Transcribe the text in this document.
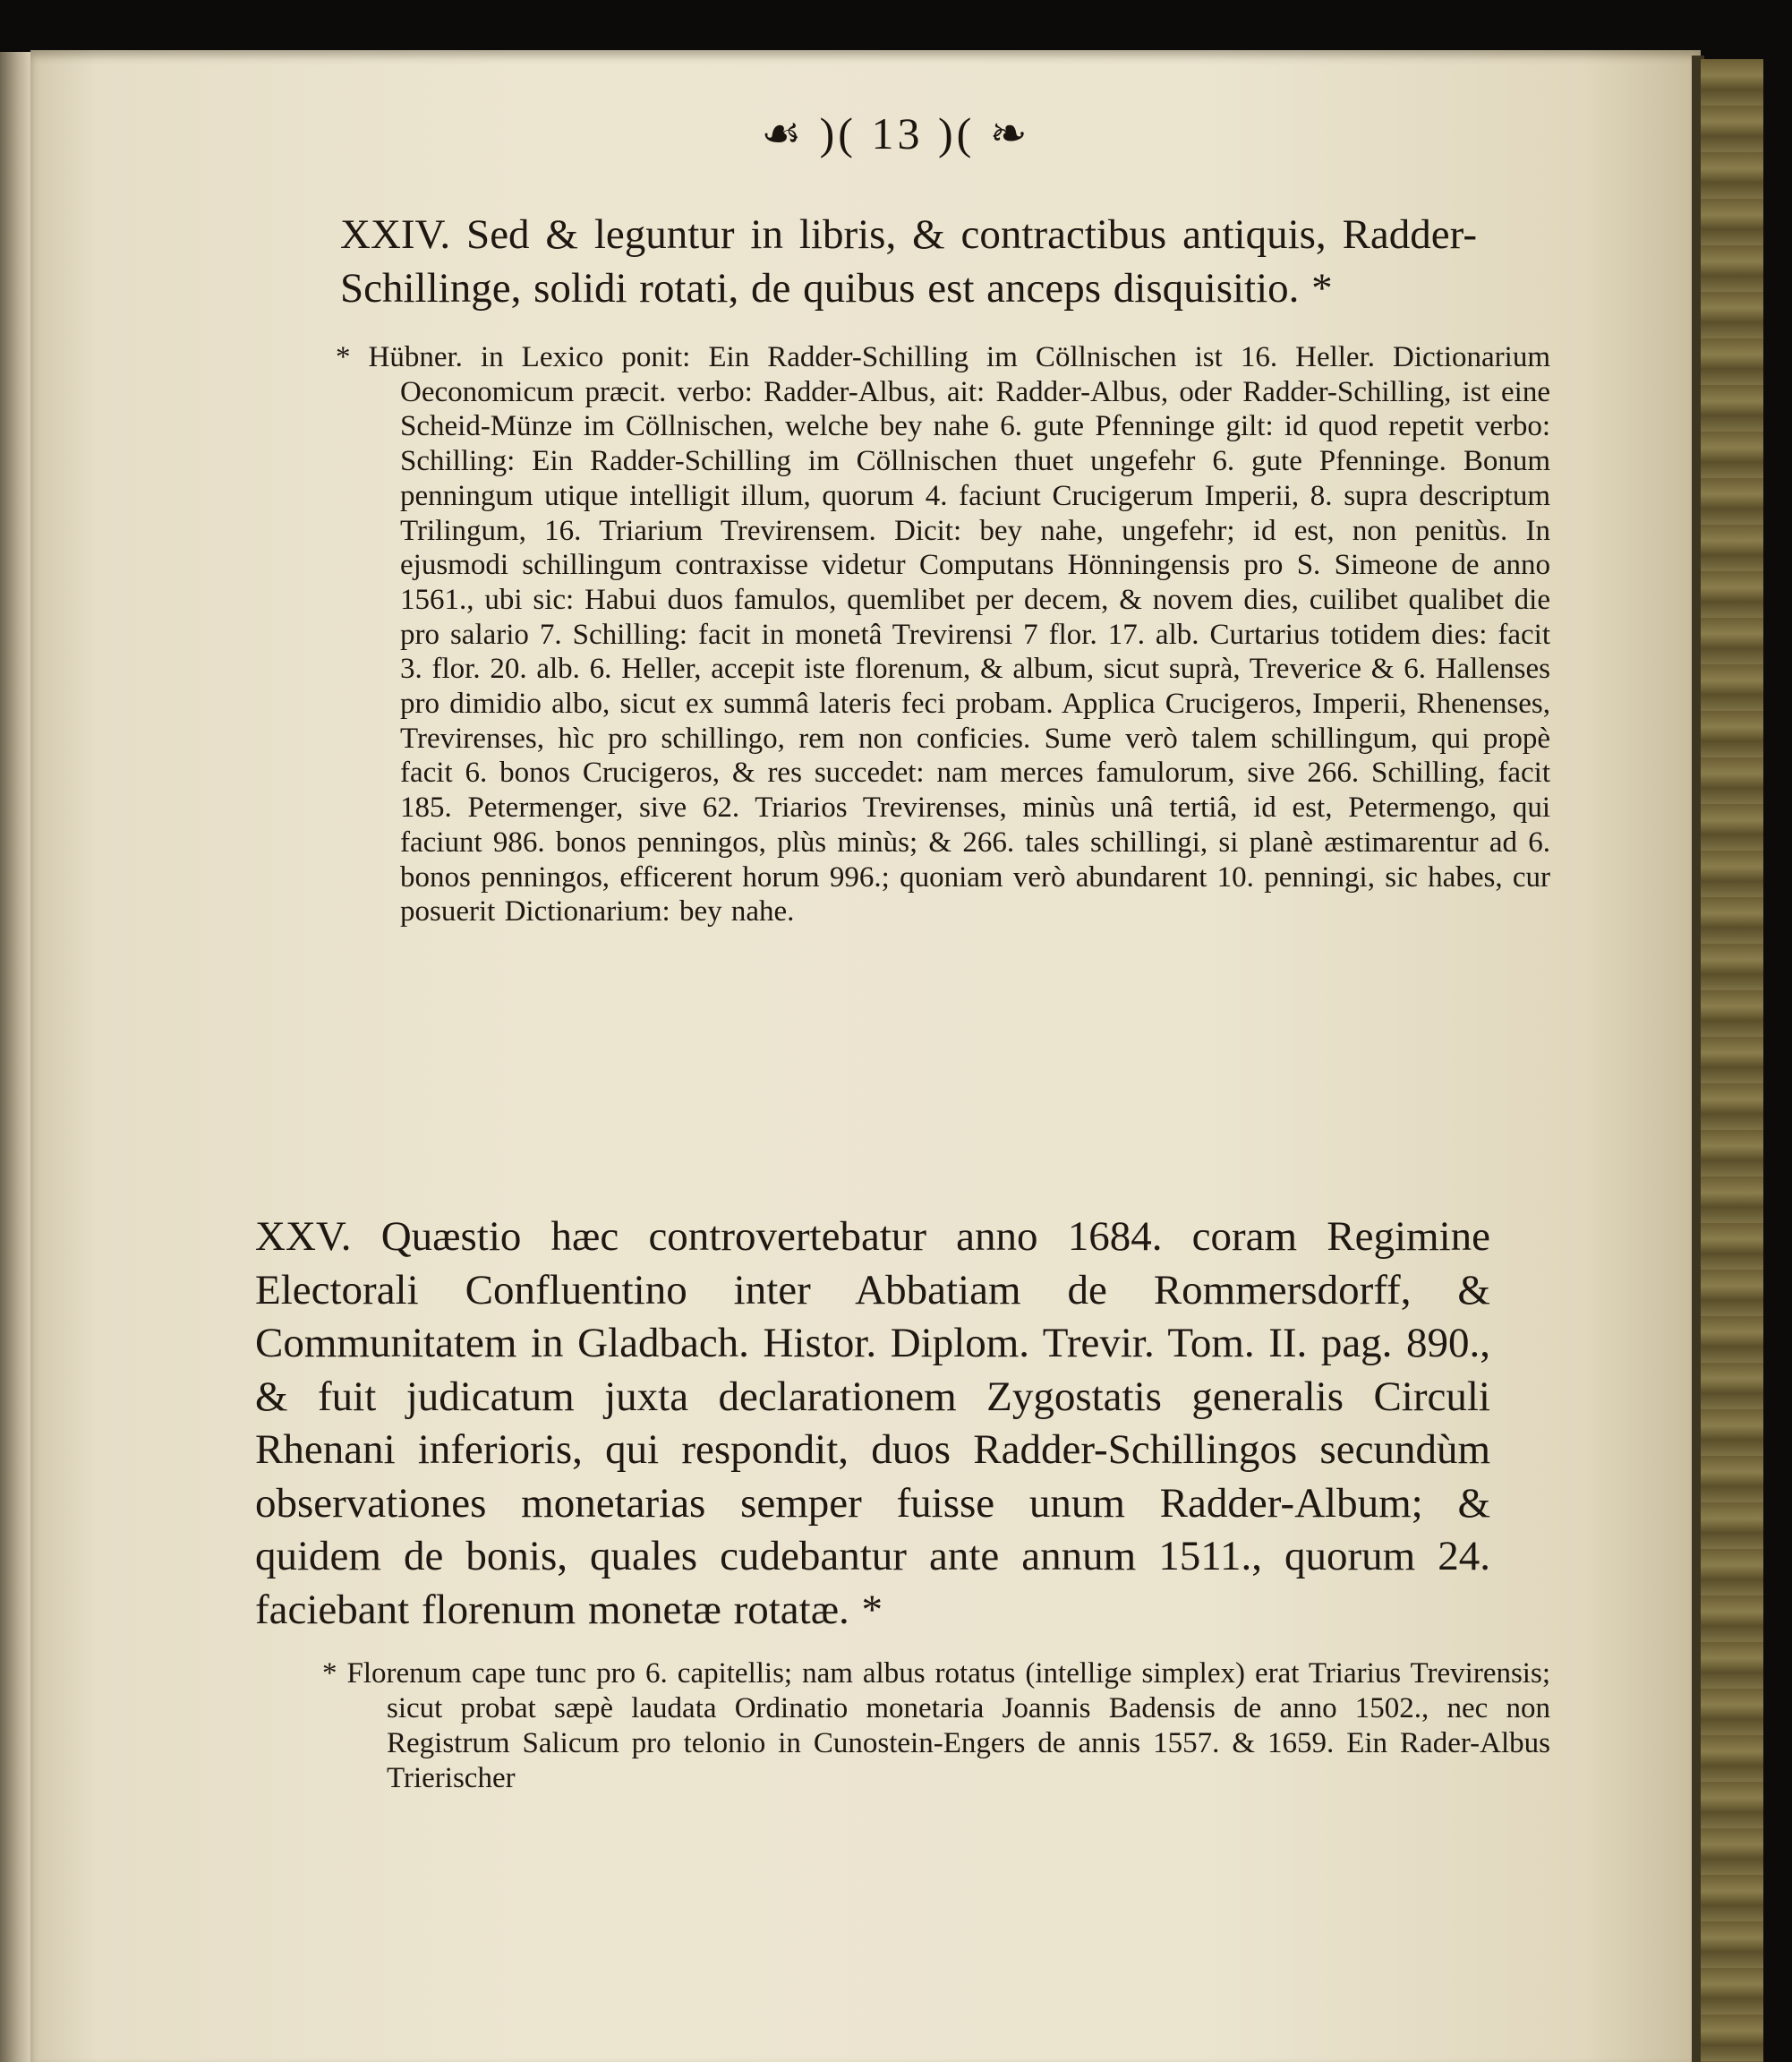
☙ )( 13 )( ❧

XXIV. Sed & leguntur in libris, & contractibus antiquis, Radder-Schillinge, solidi rotati, de quibus est anceps disquisitio. *

* Hübner. in Lexico ponit: Ein Radder-Schilling im Cöllnischen ist 16. Heller. Dictionarium Oeconomicum præcit. verbo: Radder-Albus, ait: Radder-Albus, oder Radder-Schilling, ist eine Scheid-Münze im Cöllnischen, welche bey nahe 6. gute Pfenninge gilt: id quod repetit verbo: Schilling: Ein Radder-Schilling im Cöllnischen thuet ungefehr 6. gute Pfenninge. Bonum penningum utique intelligit illum, quorum 4. faciunt Crucigerum Imperii, 8. supra descriptum Trilingum, 16. Triarium Trevirensem. Dicit: bey nahe, ungefehr; id est, non penitùs. In ejusmodi schillingum contraxisse videtur Computans Hönningensis pro S. Simeone de anno 1561., ubi sic: Habui duos famulos, quemlibet per decem, & novem dies, cuilibet qualibet die pro salario 7. Schilling: facit in monetâ Trevirensi 7 flor. 17. alb. Curtarius totidem dies: facit 3. flor. 20. alb. 6. Heller, accepit iste florenum, & album, sicut suprà, Treverice & 6. Hallenses pro dimidio albo, sicut ex summâ lateris feci probam. Applica Crucigeros, Imperii, Rhenenses, Trevirenses, hìc pro schillingo, rem non conficies. Sume verò talem schillingum, qui propè facit 6. bonos Crucigeros, & res succedet: nam merces famulorum, sive 266. Schilling, facit 185. Petermenger, sive 62. Triarios Trevirenses, minùs unâ tertiâ, id est, Petermengo, qui faciunt 986. bonos penningos, plùs minùs; & 266. tales schillingi, si planè æstimarentur ad 6. bonos penningos, efficerent horum 996.; quoniam verò abundarent 10. penningi, sic habes, cur posuerit Dictionarium: bey nahe.

XXV. Quæstio hæc controvertebatur anno 1684. coram Regimine Electorali Confluentino inter Abbatiam de Rommersdorff, & Communitatem in Gladbach. Histor. Diplom. Trevir. Tom. II. pag. 890., & fuit judicatum juxta declarationem Zygostatis generalis Circuli Rhenani inferioris, qui respondit, duos Radder-Schillingos secundùm observationes monetarias semper fuisse unum Radder-Album; & quidem de bonis, quales cudebantur ante annum 1511., quorum 24. faciebant florenum monetæ rotatæ. *

* Florenum cape tunc pro 6. capitellis; nam albus rotatus (intellige simplex) erat Triarius Trevirensis; sicut probat sæpè laudata Ordinatio monetaria Joannis Badensis de anno 1502., nec non Registrum Salicum pro telonio in Cunostein-Engers de annis 1557. & 1659. Ein Rader-Albus Trierischer
